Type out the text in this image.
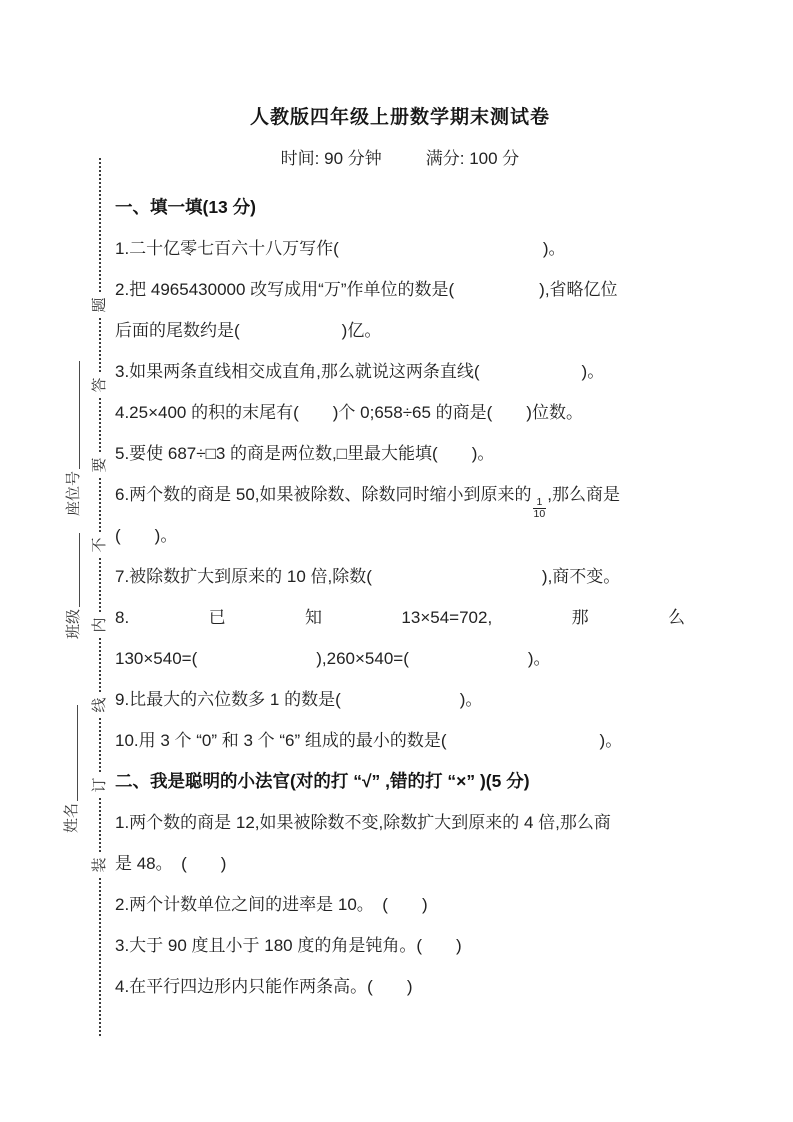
题
答
要
不
内
线
订
装
座位号
班级
姓名
人教版四年级上册数学期末测试卷
时间: 90 分钟	满分: 100 分
一、填一填(13 分)
1.二十亿零七百六十八万写作(　　　　　　　　　　　　)。
2.把 4965430000 改写成用“万”作单位的数是(　　　　　),省略亿位
后面的尾数约是(　　　　　　)亿。
3.如果两条直线相交成直角,那么就说这两条直线(　　　　　　)。
4.25×400 的积的末尾有(　　)个 0;658÷65 的商是(　　)位数。
5.要使 687÷□3 的商是两位数,□里最大能填(　　)。
6.两个数的商是 50,如果被除数、除数同时缩小到原来的
$\frac{1}{10}$
,那么商是
(　　)。
7.被除数扩大到原来的 10 倍,除数(　　　　　　　　　　),商不变。
8.	已	知	13×54=702,	那	么
130×540=(　　　　　　　),260×540=(　　　　　　　)。
9.比最大的六位数多 1 的数是(　　　　　　　)。
10.用 3 个 “0” 和 3 个 “6” 组成的最小的数是(　　　　　　　　　)。
二、我是聪明的小法官(对的打 “√” ,错的打 “×” )(5 分)
1.两个数的商是 12,如果被除数不变,除数扩大到原来的 4 倍,那么商
是 48。　(　　)
2.两个计数单位之间的进率是 10。　(　　)
3.大于 90 度且小于 180 度的角是钝角。(　　)
4.在平行四边形内只能作两条高。(　　)
